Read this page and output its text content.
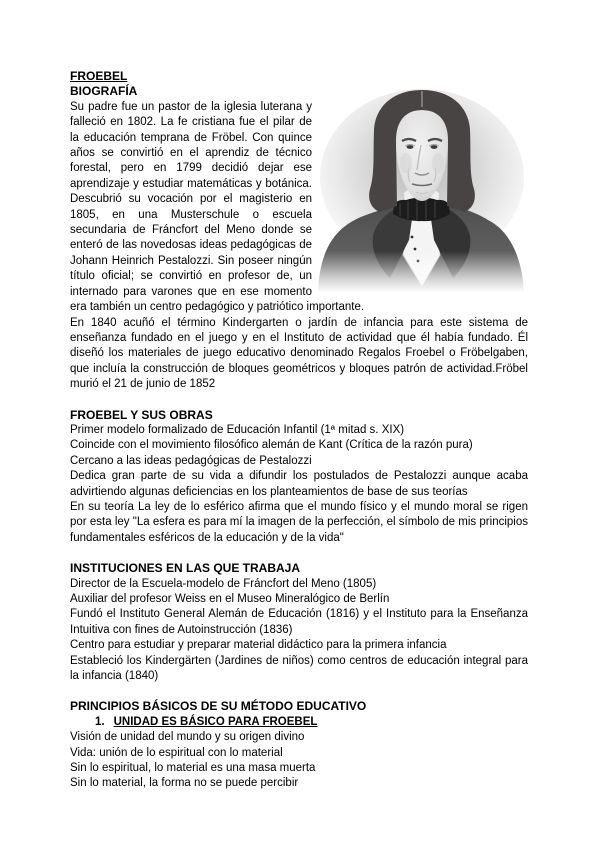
FROEBEL
BIOGRAFÍA

Su padre fue un pastor de la iglesia luterana y falleció en 1802. La fe cristiana fue el pilar de la educación temprana de Fröbel. Con quince años se convirtió en el aprendiz de técnico forestal, pero en 1799 decidió dejar ese aprendizaje y estudiar matemáticas y botánica. Descubrió su vocación por el magisterio en 1805, en una Musterschule o escuela secundaria de Fráncfort del Meno donde se enteró de las novedosas ideas pedagógicas de Johann Heinrich Pestalozzi. Sin poseer ningún título oficial; se convirtió en profesor de, un internado para varones que en ese momento era también un centro pedagógico y patriótico importante.

En 1840 acuñó el término Kindergarten o jardín de infancia para este sistema de enseñanza fundado en el juego y en el Instituto de actividad que él había fundado. Él diseñó los materiales de juego educativo denominado Regalos Froebel o Fröbelgaben, que incluía la construcción de bloques geométricos y bloques patrón de actividad.Fröbel murió el 21 de junio de 1852

FROEBEL Y SUS OBRAS

Primer modelo formalizado de Educación Infantil (1ª mitad s. XIX)

Coincide con el movimiento filosófico alemán de Kant (Crítica de la razón pura)

Cercano a las ideas pedagógicas de Pestalozzi

Dedica gran parte de su vida a difundir los postulados de Pestalozzi aunque acaba advirtiendo algunas deficiencias en los planteamientos de base de sus teorías

En su teoría La ley de lo esférico afirma que el mundo físico y el mundo moral se rigen por esta ley "La esfera es para mí la imagen de la perfección, el símbolo de mis principios fundamentales esféricos de la educación y de la vida"

INSTITUCIONES EN LAS QUE TRABAJA

Director de la Escuela-modelo de Fráncfort del Meno (1805)

Auxiliar del profesor Weiss en el Museo Mineralógico de Berlín

Fundó el Instituto General Alemán de Educación (1816) y el Instituto para la Enseñanza Intuitiva con fines de Autoinstrucción (1836)

Centro para estudiar y preparar material didáctico para la primera infancia

Estableció los Kindergärten (Jardines de niños) como centros de educación integral para la infancia (1840)

PRINCIPIOS BÁSICOS DE SU MÉTODO EDUCATIVO
1. UNIDAD ES BÁSICO PARA FROEBEL

Visión de unidad del mundo y su origen divino

Vida: unión de lo espiritual con lo material

Sin lo espiritual, lo material es una masa muerta

Sin lo material, la forma no se puede percibir
